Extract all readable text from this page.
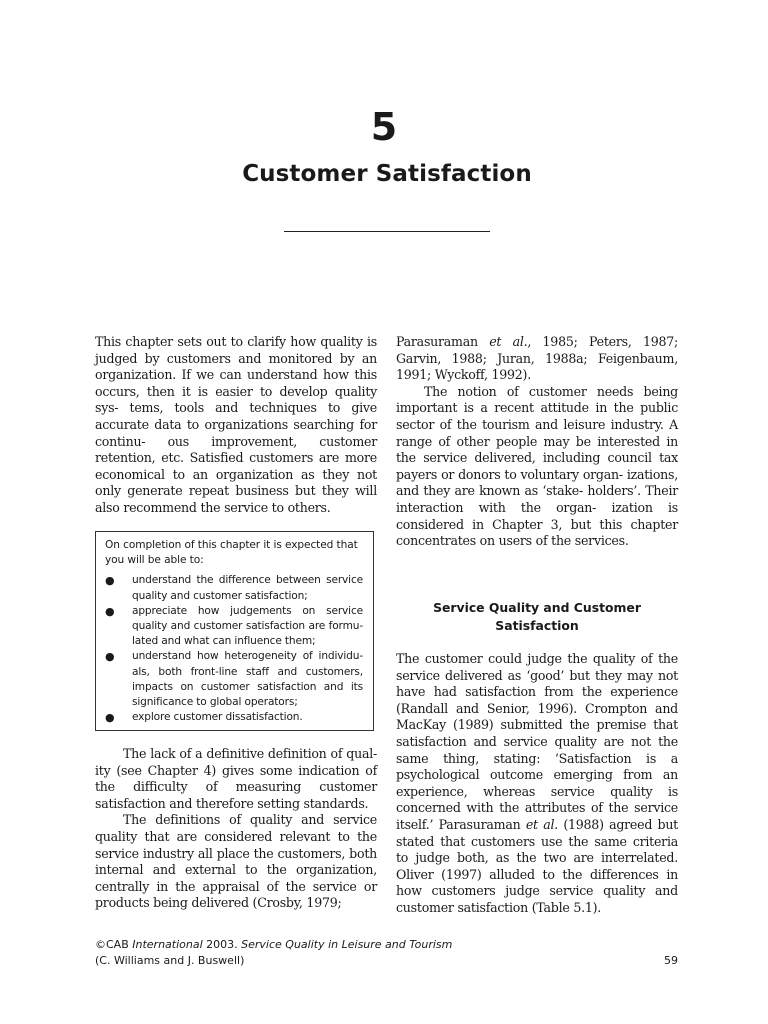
5
Customer Satisfaction

This chapter sets out to clarify how quality is judged by customers and monitored by an organization. If we can understand how this occurs, then it is easier to develop quality sys- tems, tools and techniques to give accurate data to organizations searching for continu- ous improvement, customer retention, etc. Satisfied customers are more economical to an organization as they not only generate repeat business but they will also recommend the service to others.

On completion of this chapter it is expected that you will be able to:

● understand the difference between service quality and customer satisfaction;
● appreciate how judgements on service quality and customer satisfaction are formu- lated and what can influence them;
● understand how heterogeneity of individu- als, both front-line staff and customers, impacts on customer satisfaction and its significance to global operators;
● explore customer dissatisfaction.

The lack of a definitive definition of qual- ity (see Chapter 4) gives some indication of the difficulty of measuring customer satisfaction and therefore setting standards.

The definitions of quality and service quality that are considered relevant to the service industry all place the customers, both internal and external to the organization, centrally in the appraisal of the service or products being delivered (Crosby, 1979;

Parasuraman et al., 1985; Peters, 1987; Garvin, 1988; Juran, 1988a; Feigenbaum, 1991; Wyckoff, 1992).

The notion of customer needs being important is a recent attitude in the public sector of the tourism and leisure industry. A range of other people may be interested in the service delivered, including council tax payers or donors to voluntary organ- izations, and they are known as ‘stake- holders’. Their interaction with the organ- ization is considered in Chapter 3, but this chapter concentrates on users of the services.

Service Quality and Customer Satisfaction

The customer could judge the quality of the service delivered as ‘good’ but they may not have had satisfaction from the experience (Randall and Senior, 1996). Crompton and MacKay (1989) submitted the premise that satisfaction and service quality are not the same thing, stating: ‘Satisfaction is a psychological outcome emerging from an experience, whereas service quality is concerned with the attributes of the service itself.’ Parasuraman et al. (1988) agreed but stated that customers use the same criteria to judge both, as the two are interrelated. Oliver (1997) alluded to the differences in how customers judge service quality and customer satisfaction (Table 5.1).

©CAB International 2003. Service Quality in Leisure and Tourism
(C. Williams and J. Buswell)	59
